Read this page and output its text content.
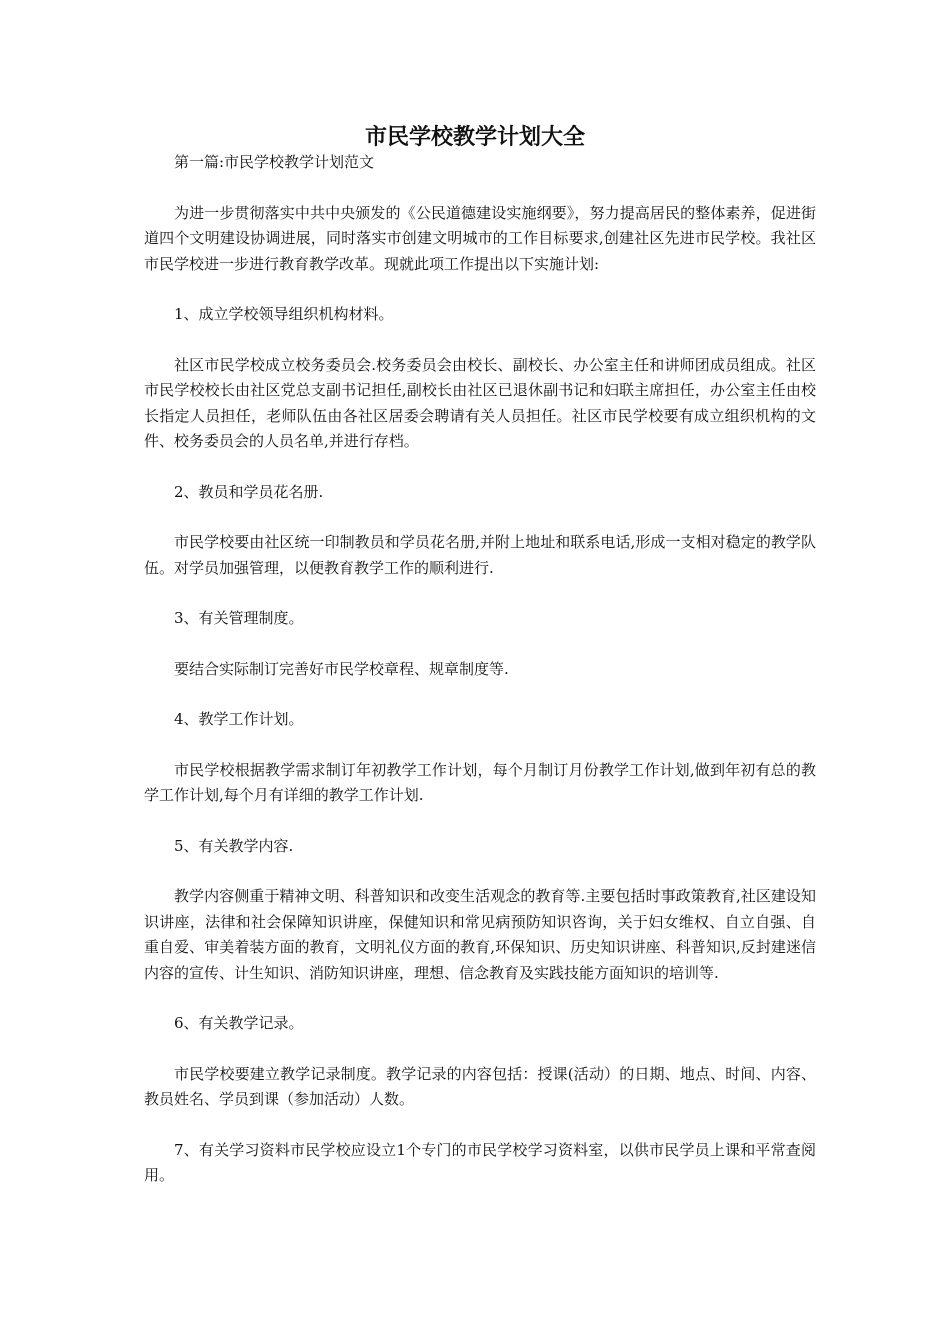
市民学校教学计划大全

第一篇:市民学校教学计划范文

为进一步贯彻落实中共中央颁发的《公民道德建设实施纲要》，努力提高居民的整体素养，促进街道四个文明建设协调进展，同时落实市创建文明城市的工作目标要求,创建社区先进市民学校。我社区市民学校进一步进行教育教学改革。现就此项工作提出以下实施计划:

1、成立学校领导组织机构材料。

社区市民学校成立校务委员会.校务委员会由校长、副校长、办公室主任和讲师团成员组成。社区市民学校校长由社区党总支副书记担任,副校长由社区已退休副书记和妇联主席担任，办公室主任由校长指定人员担任，老师队伍由各社区居委会聘请有关人员担任。社区市民学校要有成立组织机构的文件、校务委员会的人员名单,并进行存档。

2、教员和学员花名册.

市民学校要由社区统一印制教员和学员花名册,并附上地址和联系电话,形成一支相对稳定的教学队伍。对学员加强管理，以便教育教学工作的顺利进行.

3、有关管理制度。

要结合实际制订完善好市民学校章程、规章制度等.

4、教学工作计划。

市民学校根据教学需求制订年初教学工作计划，每个月制订月份教学工作计划,做到年初有总的教学工作计划,每个月有详细的教学工作计划.

5、有关教学内容.

教学内容侧重于精神文明、科普知识和改变生活观念的教育等.主要包括时事政策教育,社区建设知识讲座，法律和社会保障知识讲座，保健知识和常见病预防知识咨询，关于妇女维权、自立自强、自重自爱、审美着装方面的教育，文明礼仪方面的教育,环保知识、历史知识讲座、科普知识,反封建迷信内容的宣传、计生知识、消防知识讲座，理想、信念教育及实践技能方面知识的培训等.

6、有关教学记录。

市民学校要建立教学记录制度。教学记录的内容包括：授课(活动）的日期、地点、时间、内容、教员姓名、学员到课（参加活动）人数。

7、有关学习资料市民学校应设立1个专门的市民学校学习资料室，以供市民学员上课和平常查阅用。
